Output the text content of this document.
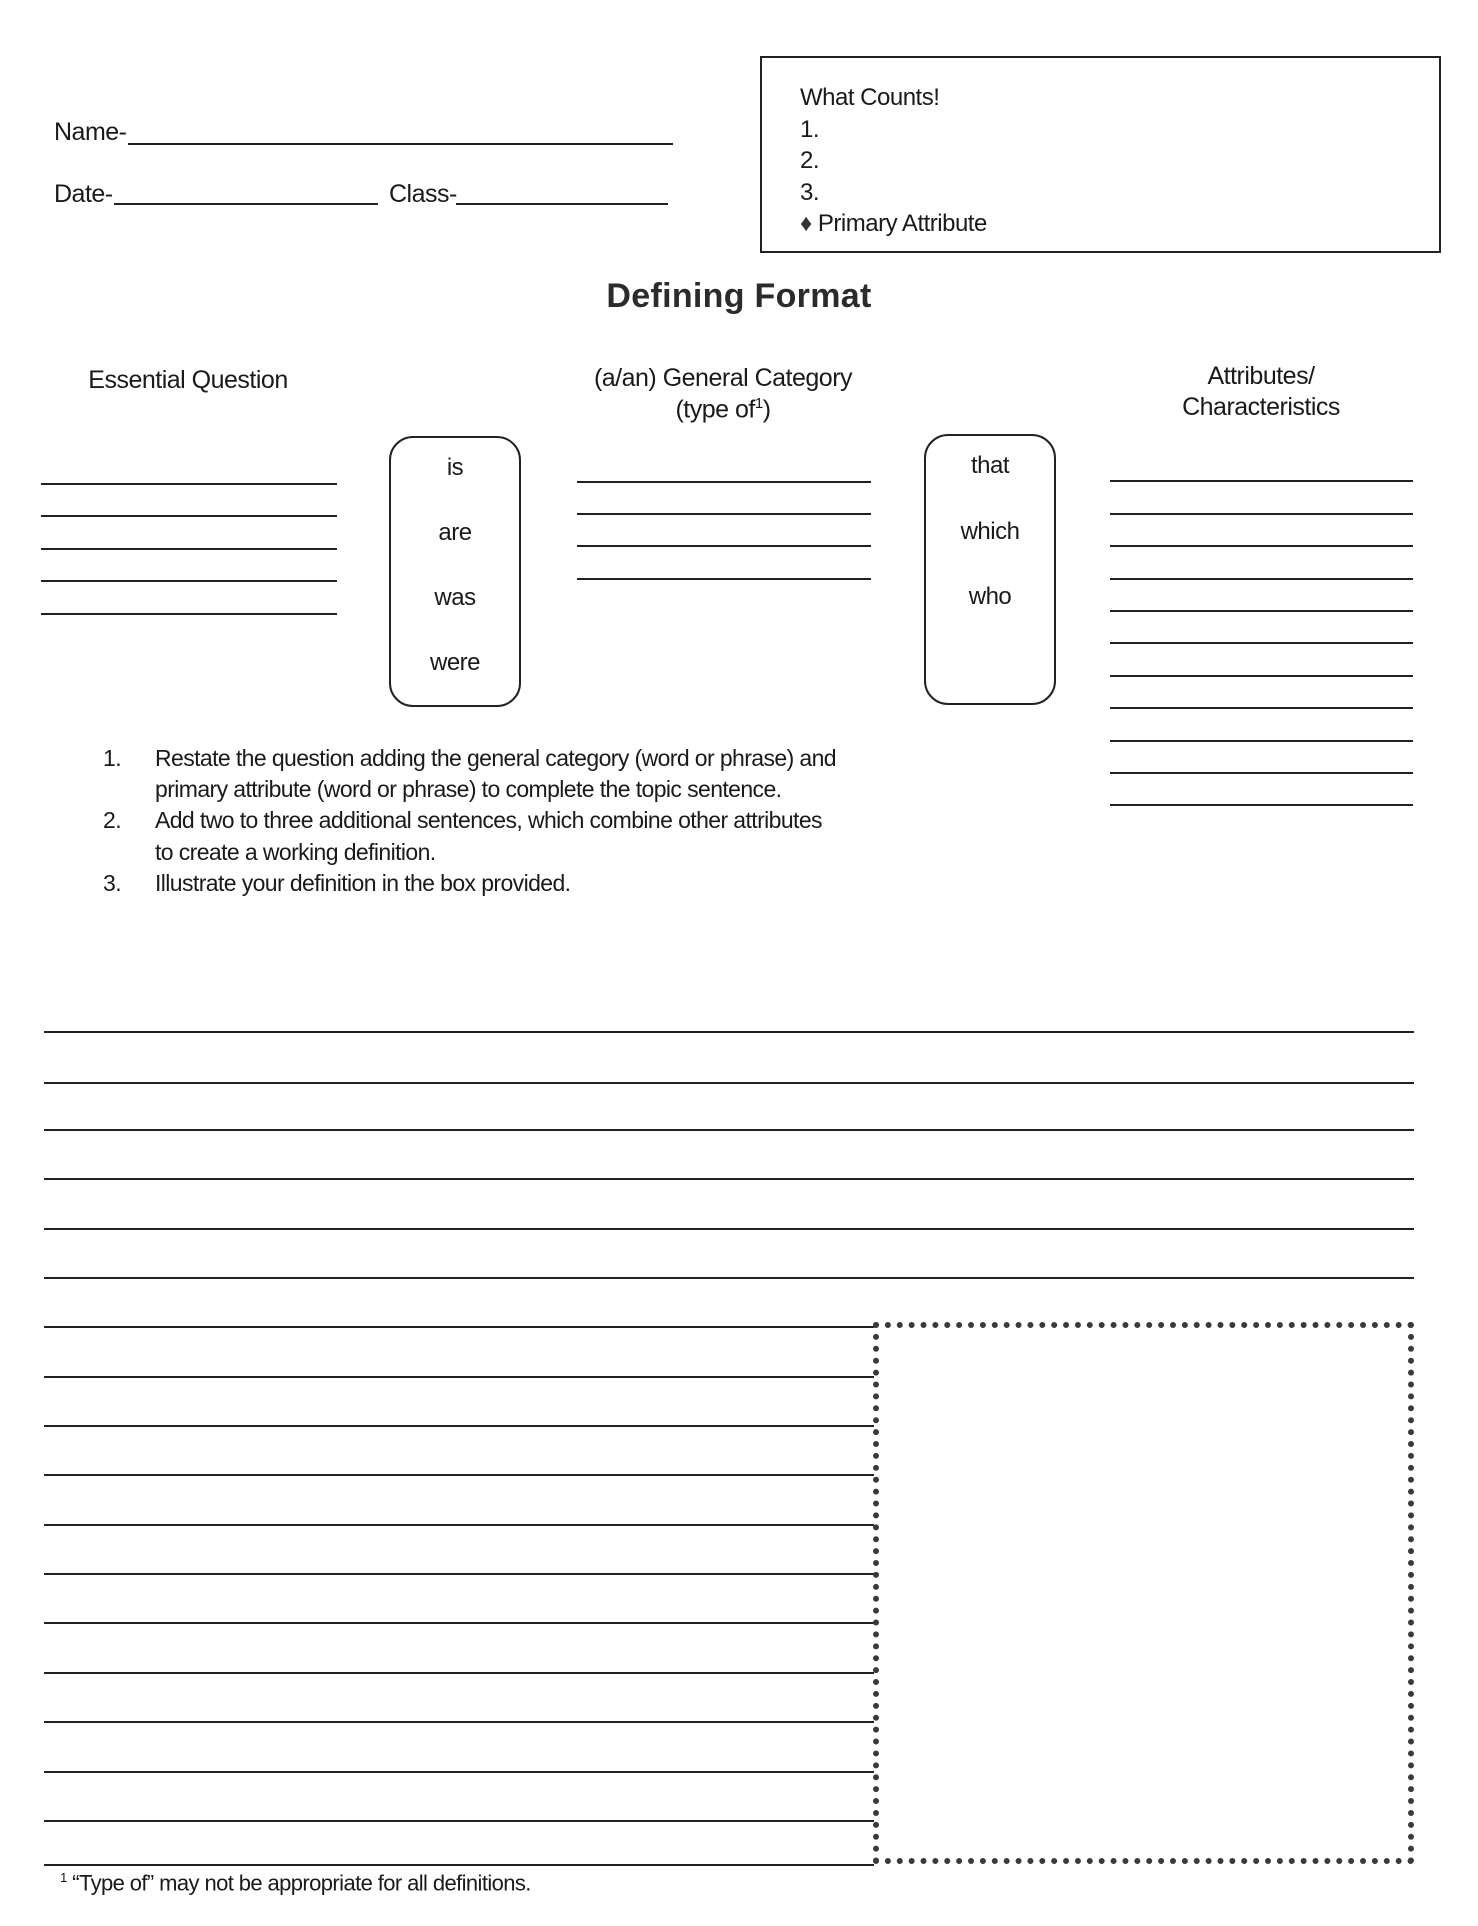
Name-
Date-	Class-
What Counts!
1.
2.
3.
♦ Primary Attribute
Defining Format
Essential Question	(a/an) General Category
(type $of^1$)
Attributes/
Characteristics
is
are
was
were
that
which
who
1. Restate the question adding the general category (word or phrase) and
primary attribute (word or phrase) to complete the topic sentence.
2. Add two to three additional sentences, which combine other attributes
to create a working definition.
3. Illustrate your definition in the box provided.
$^1$ “Type of” may not be appropriate for all definitions.
